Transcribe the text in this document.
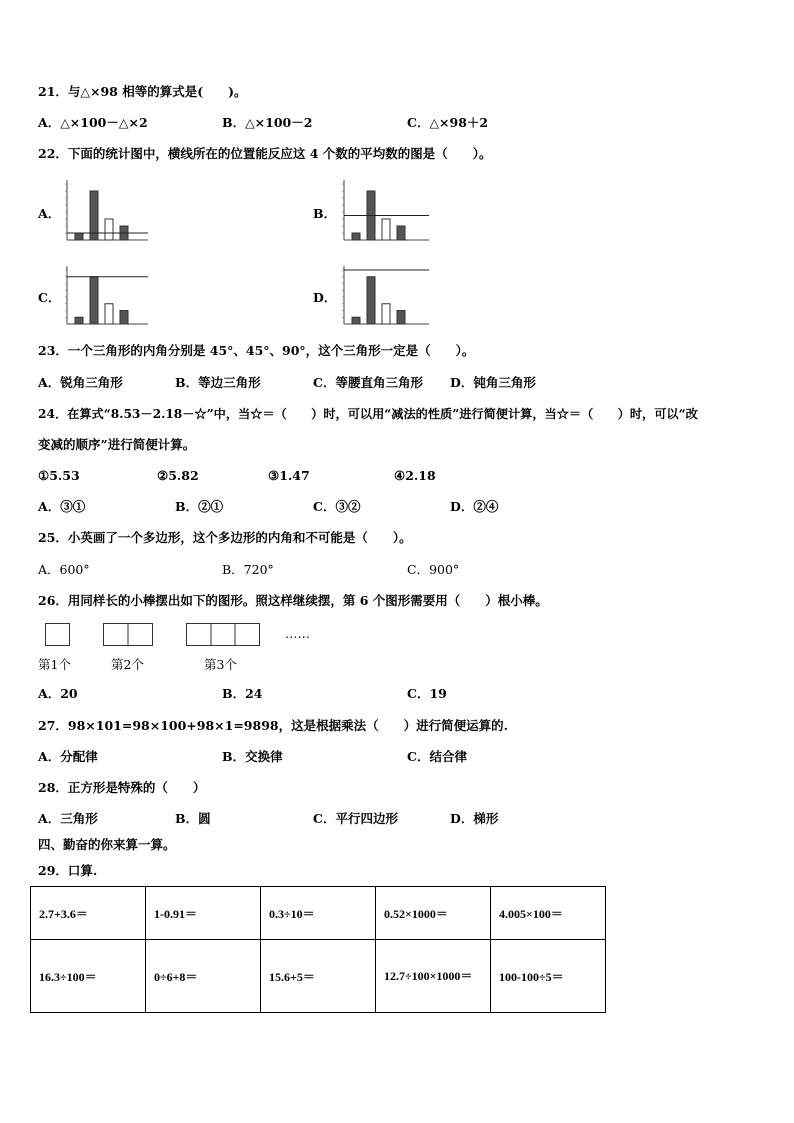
21．与△×98 相等的算式是(　　)。
A．△×100－△×2	B．△×100－2	C．△×98＋2
22．下面的统计图中，横线所在的位置能反应这 4 个数的平均数的图是（　　）。
A．	B．
C．	D．
23．一个三角形的内角分别是 45°、45°、90°，这个三角形一定是（　　）。
A．锐角三角形	B．等边三角形	C．等腰直角三角形 D．钝角三角形
24．在算式“8.53－2.18－☆”中，当☆＝（　　）时，可以用“减法的性质”进行简便计算，当☆＝（　　）时，可以“改
变减的顺序”进行简便计算。
①5.53	②5.82	③1.47	④2.18
A．③①	B．②①	C．③②	D．②④
25．小英画了一个多边形，这个多边形的内角和不可能是（　　）。
A．600°	B．720°	C．900°
26．用同样长的小棒摆出如下的图形。照这样继续摆，第 6 个图形需要用（　　）根小棒。
……
第1个	第2个	第3个
A．20	B．24	C．19
27．98×101=98×100+98×1=9898，这是根据乘法（　　）进行简便运算的.
A．分配律	B．交换律	C．结合律
28．正方形是特殊的（　　）
A．三角形	B．圆	C．平行四边形	D．梯形
四、勤奋的你来算一算。
29．口算.
2.7+3.6＝	1-0.91＝	0.3÷10＝	0.52×1000＝	4.005×100＝
16.3÷100＝	0÷6+8＝	15.6+5＝	12.7÷100×1000＝	100-100÷5＝
